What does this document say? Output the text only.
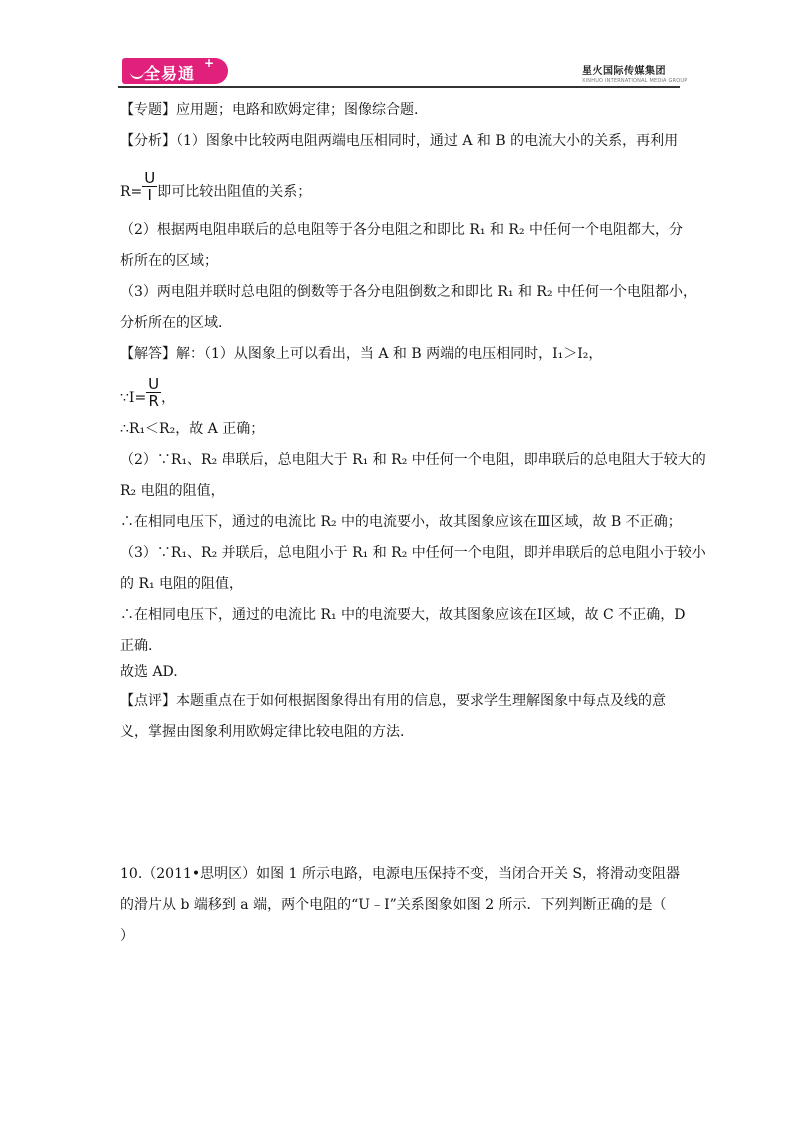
全易通
+
星火国际传媒集团
XINHUO INTERNATIONAL MEDIA GROUP
【专题】应用题；电路和欧姆定律；图像综合题.
【分析】（1）图象中比较两电阻两端电压相同时，通过 A 和 B 的电流大小的关系，再利用
$R= \frac{U}{I}$ 即可比较出阻值的关系；
（2）根据两电阻串联后的总电阻等于各分电阻之和即比 R₁ 和 R₂ 中任何一个电阻都大，分
析所在的区域；
（3）两电阻并联时总电阻的倒数等于各分电阻倒数之和即比 R₁ 和 R₂ 中任何一个电阻都小，
分析所在的区域.
【解答】解：（1）从图象上可以看出，当 A 和 B 两端的电压相同时，I₁＞I₂，
∵I= $\frac{U}{R}$ ，
∴R₁＜R₂，故 A 正确；
（2）∵R₁、R₂ 串联后，总电阻大于 R₁ 和 R₂ 中任何一个电阻，即串联后的总电阻大于较大的
R₂ 电阻的阻值，
∴在相同电压下，通过的电流比 R₂ 中的电流要小，故其图象应该在Ⅲ区域，故 B 不正确；
（3）∵R₁、R₂ 并联后，总电阻小于 R₁ 和 R₂ 中任何一个电阻，即并串联后的总电阻小于较小
的 R₁ 电阻的阻值，
∴在相同电压下，通过的电流比 R₁ 中的电流要大，故其图象应该在Ⅰ区域，故 C 不正确，D
正确.
故选 AD.
【点评】本题重点在于如何根据图象得出有用的信息，要求学生理解图象中每点及线的意
义，掌握由图象利用欧姆定律比较电阻的方法.
10.（2011•思明区）如图 1 所示电路，电源电压保持不变，当闭合开关 S，将滑动变阻器
的滑片从 b 端移到 a 端，两个电阻的“U﹣I”关系图象如图 2 所示．下列判断正确的是（
）
